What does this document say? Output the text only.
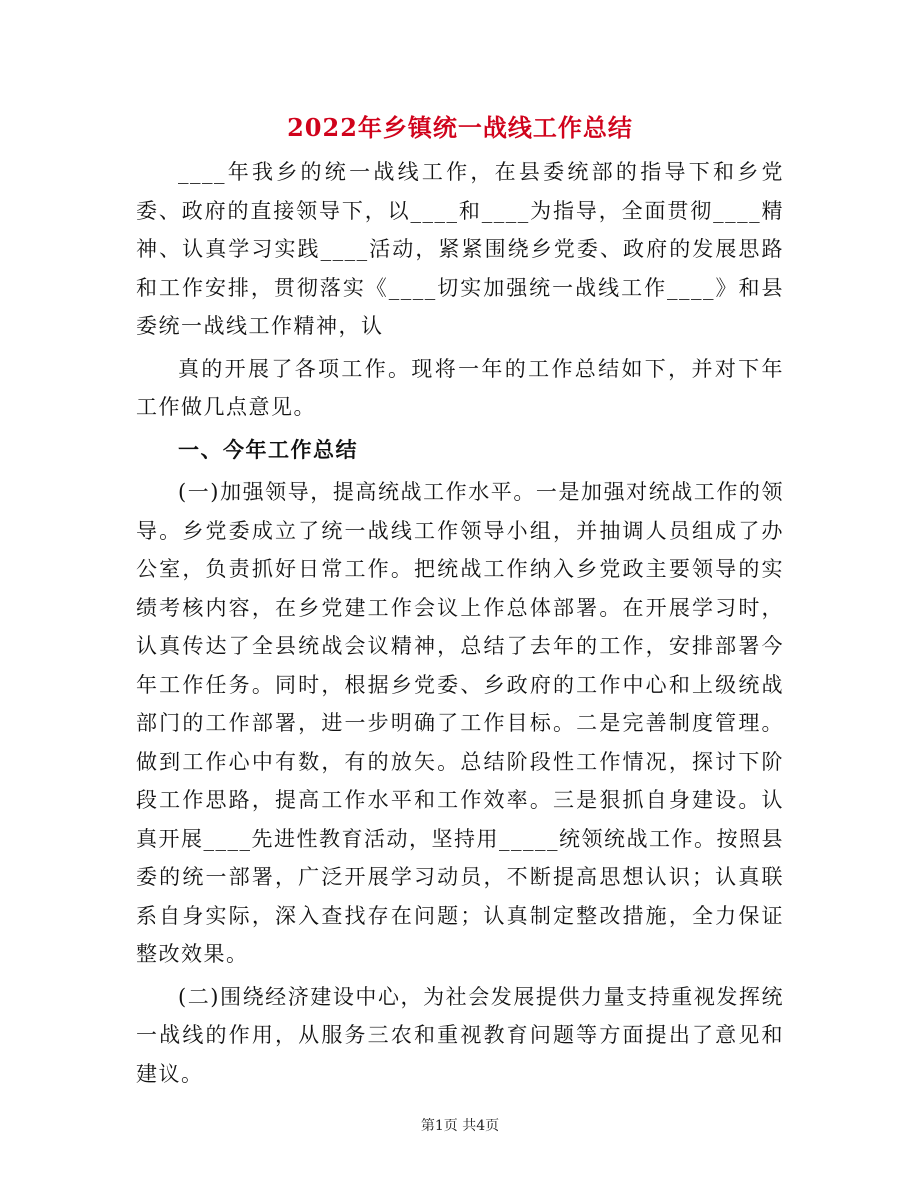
2022年乡镇统一战线工作总结

____年我乡的统一战线工作，在县委统部的指导下和乡党委、政府的直接领导下，以____和____为指导，全面贯彻____精神、认真学习实践____活动，紧紧围绕乡党委、政府的发展思路和工作安排，贯彻落实《____切实加强统一战线工作____》和县委统一战线工作精神，认

真的开展了各项工作。现将一年的工作总结如下，并对下年工作做几点意见。

一、今年工作总结

(一)加强领导，提高统战工作水平。一是加强对统战工作的领导。乡党委成立了统一战线工作领导小组，并抽调人员组成了办公室，负责抓好日常工作。把统战工作纳入乡党政主要领导的实绩考核内容，在乡党建工作会议上作总体部署。在开展学习时，认真传达了全县统战会议精神，总结了去年的工作，安排部署今年工作任务。同时，根据乡党委、乡政府的工作中心和上级统战部门的工作部署，进一步明确了工作目标。二是完善制度管理。做到工作心中有数，有的放矢。总结阶段性工作情况，探讨下阶段工作思路，提高工作水平和工作效率。三是狠抓自身建设。认真开展____先进性教育活动，坚持用_____统领统战工作。按照县委的统一部署，广泛开展学习动员，不断提高思想认识；认真联系自身实际，深入查找存在问题；认真制定整改措施，全力保证整改效果。

(二)围绕经济建设中心，为社会发展提供力量支持重视发挥统一战线的作用，从服务三农和重视教育问题等方面提出了意见和建议。

第1页 共4页
